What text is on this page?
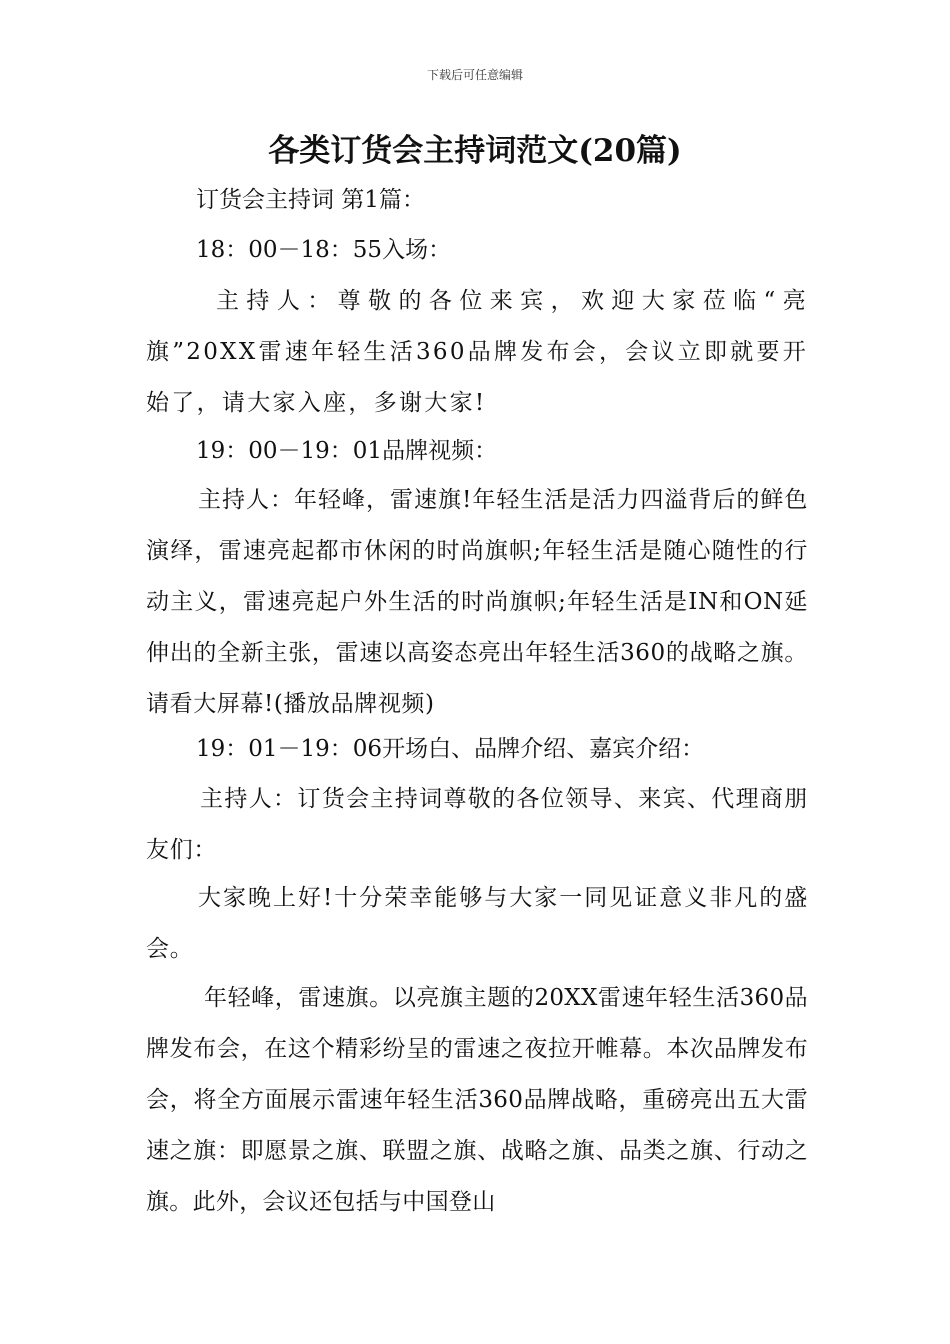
下载后可任意编辑
各类订货会主持词范文(20篇)

订货会主持词 第1篇：

18：00－18：55入场：

主持人：尊敬的各位来宾，欢迎大家莅临“亮旗”20XX雷速年轻生活360品牌发布会，会议立即就要开始了，请大家入座，多谢大家!

19：00－19：01品牌视频：

主持人：年轻峰，雷速旗!年轻生活是活力四溢背后的鲜色演绎，雷速亮起都市休闲的时尚旗帜;年轻生活是随心随性的行动主义，雷速亮起户外生活的时尚旗帜;年轻生活是IN和ON延伸出的全新主张，雷速以高姿态亮出年轻生活360的战略之旗。请看大屏幕!(播放品牌视频)

19：01－19：06开场白、品牌介绍、嘉宾介绍：

主持人：订货会主持词尊敬的各位领导、来宾、代理商朋友们：

大家晚上好!十分荣幸能够与大家一同见证意义非凡的盛会。

年轻峰，雷速旗。以亮旗主题的20XX雷速年轻生活360品牌发布会，在这个精彩纷呈的雷速之夜拉开帷幕。本次品牌发布会，将全方面展示雷速年轻生活360品牌战略，重磅亮出五大雷速之旗：即愿景之旗、联盟之旗、战略之旗、品类之旗、行动之旗。此外，会议还包括与中国登山
